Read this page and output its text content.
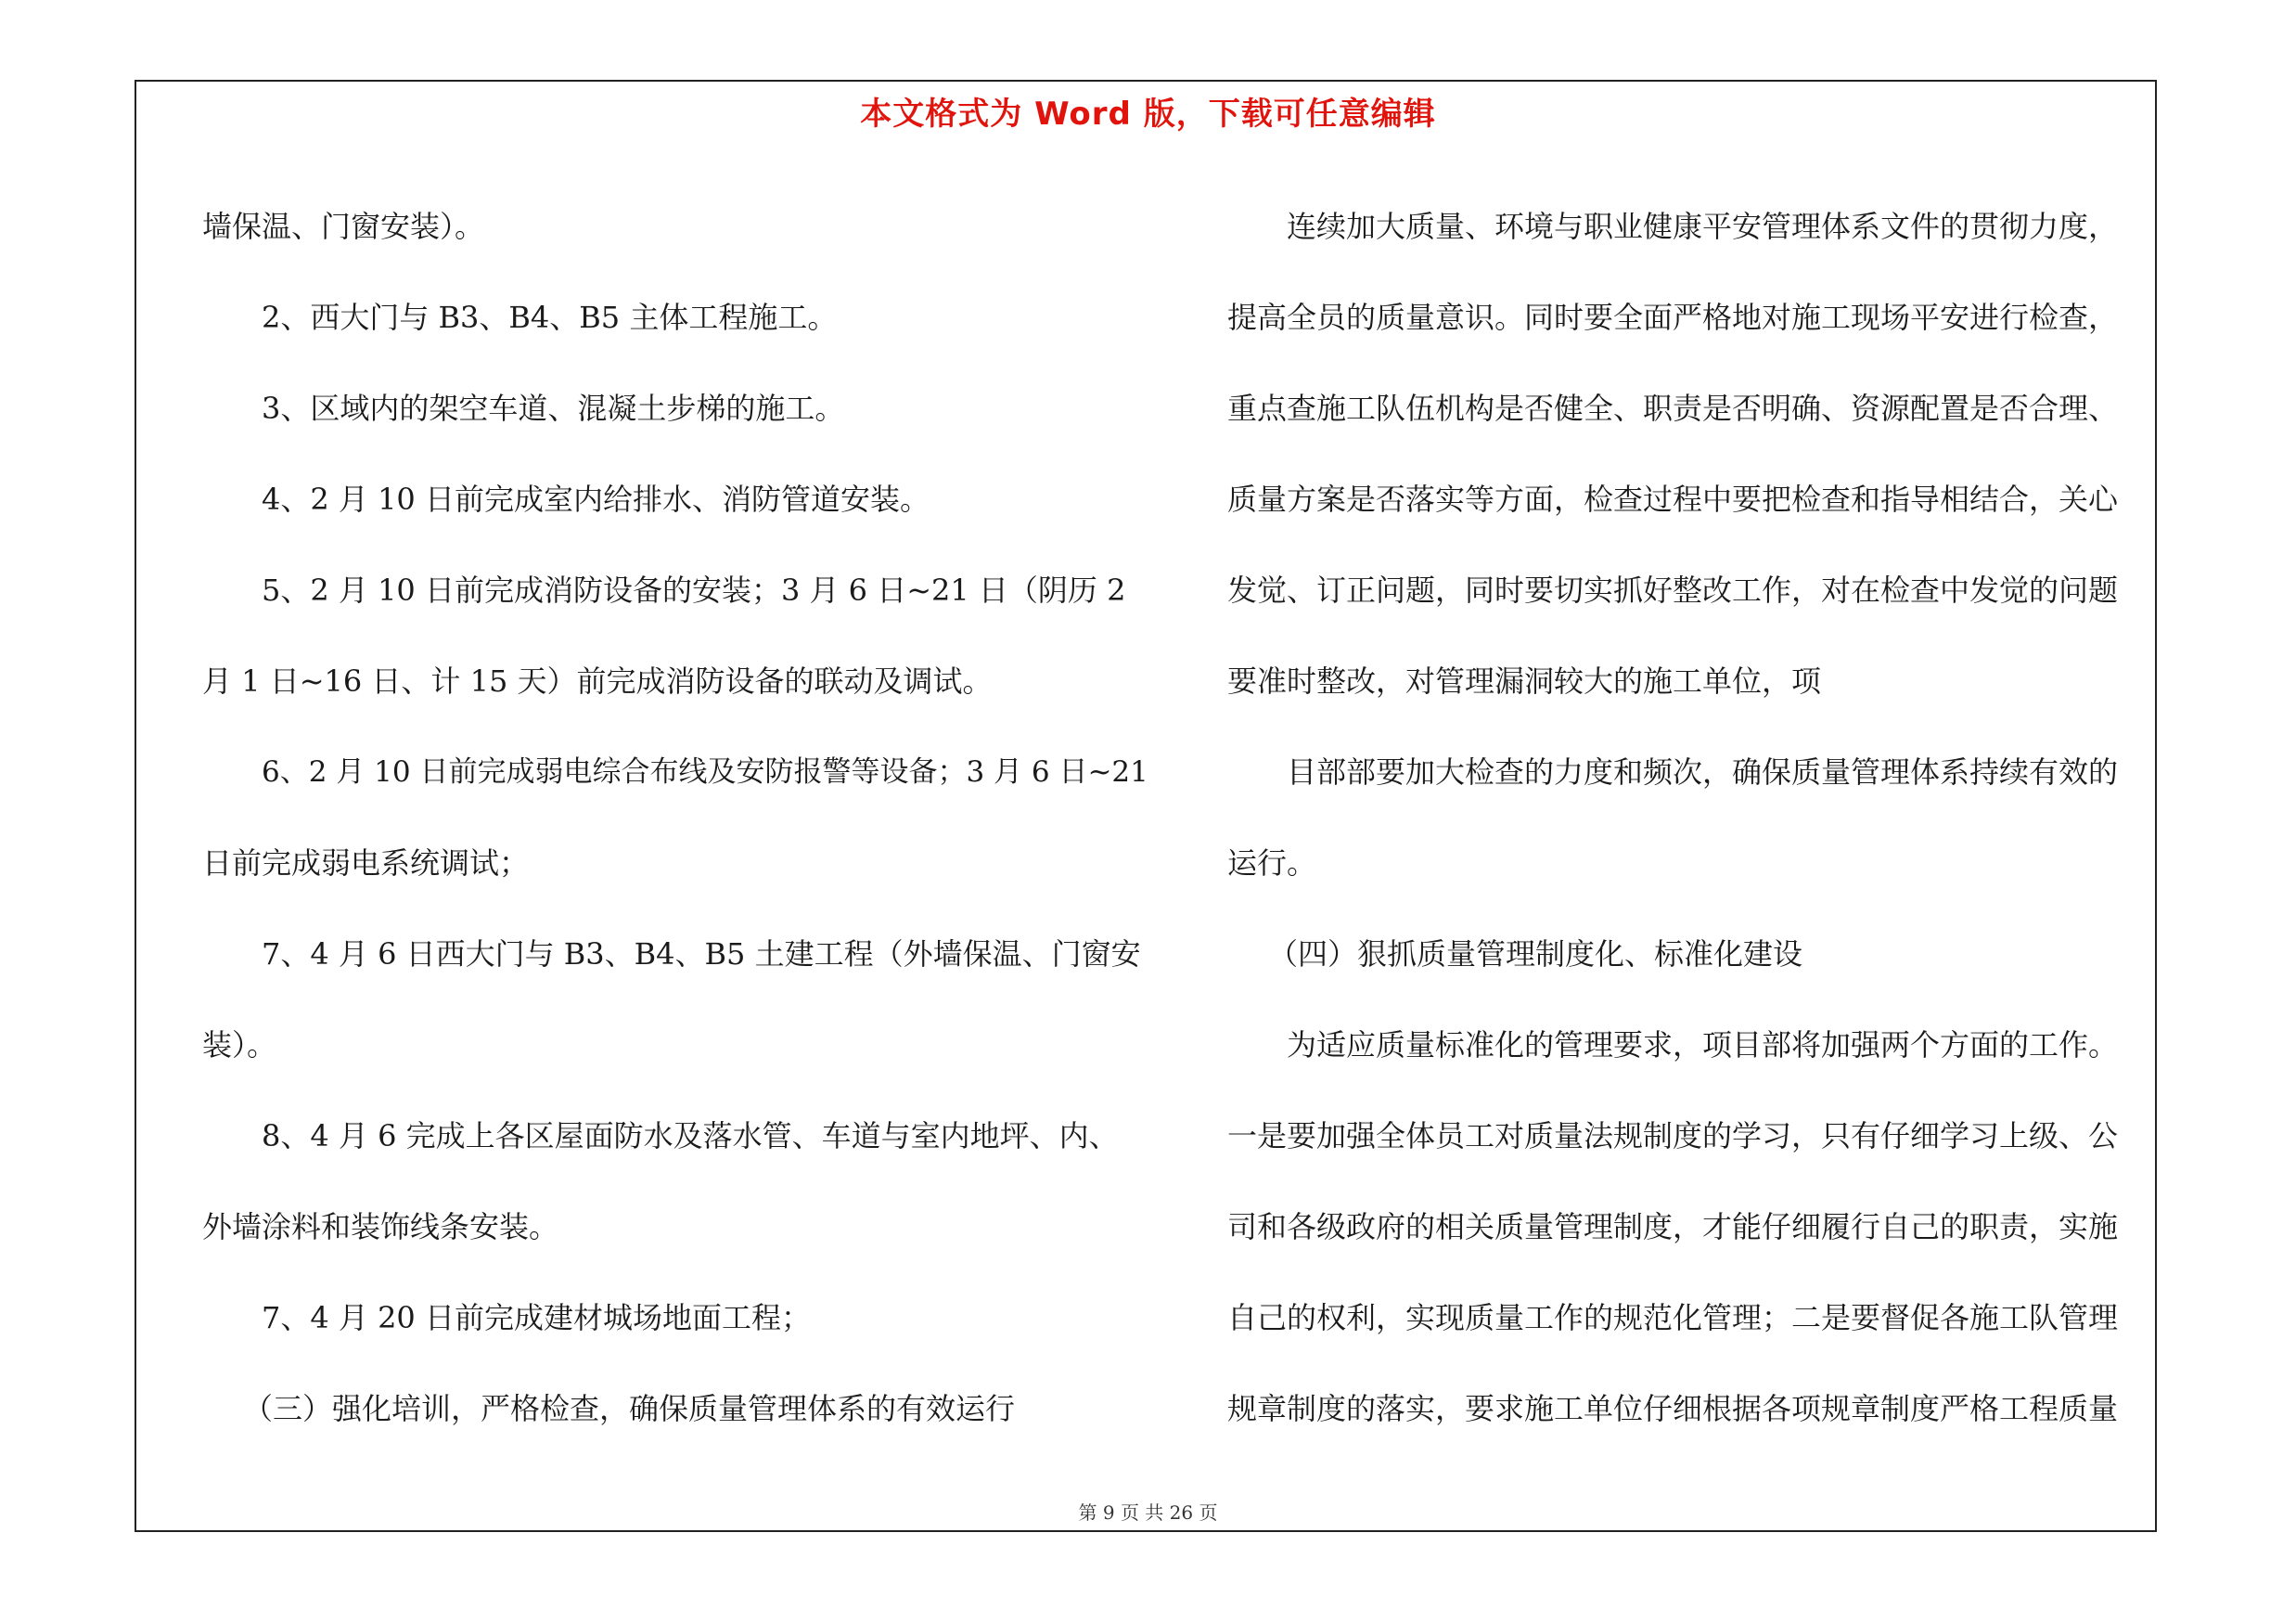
本文格式为 Word 版，下载可任意编辑
墙保温、门窗安装）。
2、西大门与 B3、B4、B5 主体工程施工。
3、区域内的架空车道、混凝土步梯的施工。
4、2 月 10 日前完成室内给排水、消防管道安装。
5、2 月 10 日前完成消防设备的安装；3 月 6 日~21 日（阴历 2
月 1 日~16 日、计 15 天）前完成消防设备的联动及调试。
6、2 月 10 日前完成弱电综合布线及安防报警等设备；3 月 6 日~21
日前完成弱电系统调试；
7、4 月 6 日西大门与 B3、B4、B5 土建工程（外墙保温、门窗安
装）。
8、4 月 6 完成上各区屋面防水及落水管、车道与室内地坪、内、
外墙涂料和装饰线条安装。
7、4 月 20 日前完成建材城场地面工程；
（三）强化培训，严格检查，确保质量管理体系的有效运行
连续加大质量、环境与职业健康平安管理体系文件的贯彻力度，
提高全员的质量意识。同时要全面严格地对施工现场平安进行检查，
重点查施工队伍机构是否健全、职责是否明确、资源配置是否合理、
质量方案是否落实等方面，检查过程中要把检查和指导相结合，关心
发觉、订正问题，同时要切实抓好整改工作，对在检查中发觉的问题
要准时整改，对管理漏洞较大的施工单位，项
目部部要加大检查的力度和频次，确保质量管理体系持续有效的
运行。
（四）狠抓质量管理制度化、标准化建设
为适应质量标准化的管理要求，项目部将加强两个方面的工作。
一是要加强全体员工对质量法规制度的学习，只有仔细学习上级、公
司和各级政府的相关质量管理制度，才能仔细履行自己的职责，实施
自己的权利，实现质量工作的规范化管理；二是要督促各施工队管理
规章制度的落实，要求施工单位仔细根据各项规章制度严格工程质量
第 9 页 共 26 页
